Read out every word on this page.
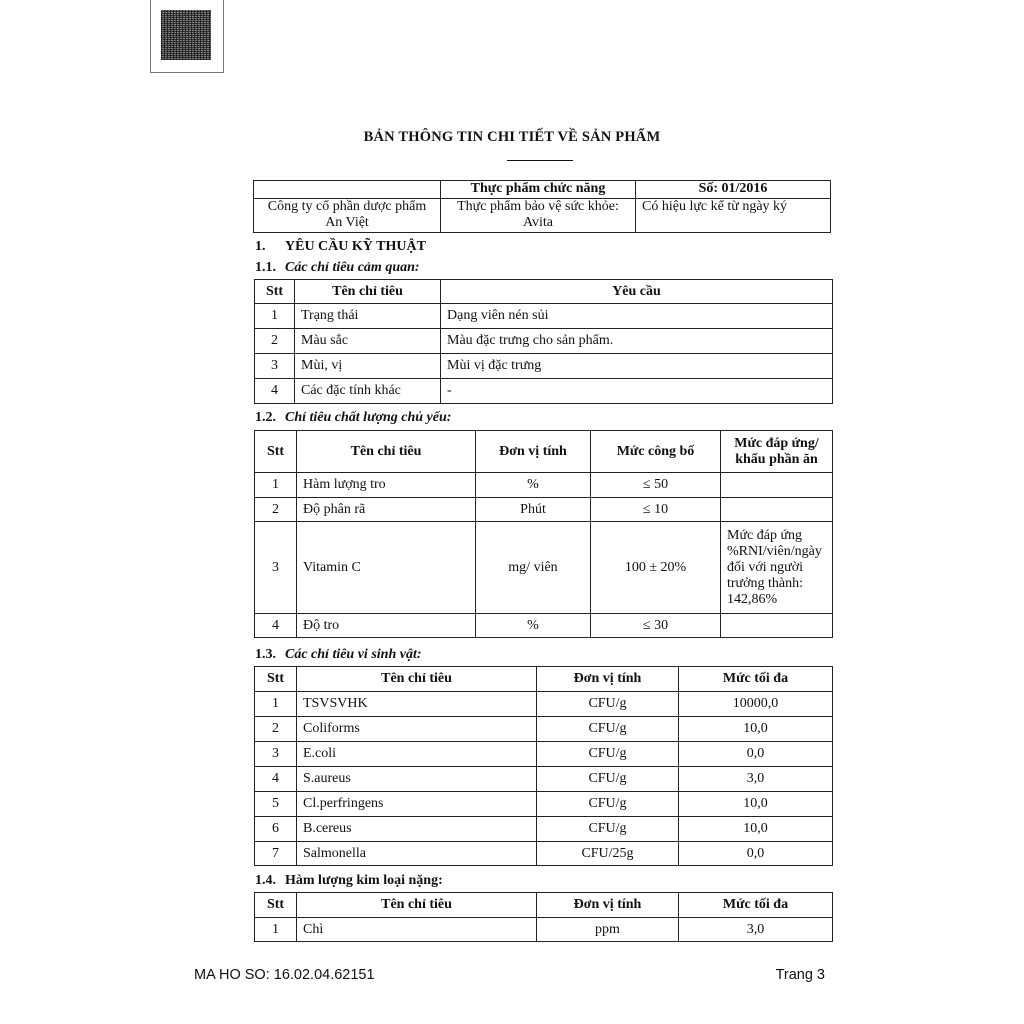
BẢN THÔNG TIN CHI TIẾT VỀ SẢN PHẨM
	Thực phẩm chức năng	Số: 01/2016
Công ty cổ phần dược phẩm An Việt	Thực phẩm bảo vệ sức khỏe: Avita	Có hiệu lực kể từ ngày ký
1. YÊU CẦU KỸ THUẬT
1.1. Các chỉ tiêu cảm quan:
Stt	Tên chỉ tiêu	Yêu cầu
1	Trạng thái	Dạng viên nén sủi
2	Màu sắc	Màu đặc trưng cho sản phẩm.
3	Mùi, vị	Mùi vị đặc trưng
4	Các đặc tính khác	-
1.2. Chỉ tiêu chất lượng chủ yếu:
Stt	Tên chỉ tiêu	Đơn vị tính	Mức công bố	Mức đáp ứng/ khẩu phần ăn
1	Hàm lượng tro	%	≤ 50	
2	Độ phân rã	Phút	≤ 10	
3	Vitamin C	mg/ viên	100 ± 20%	Mức đáp ứng %RNI/viên/ngày đối với người trưởng thành: 142,86%
4	Độ tro	%	≤ 30	
1.3. Các chỉ tiêu vi sinh vật:
Stt	Tên chỉ tiêu	Đơn vị tính	Mức tối đa
1	TSVSVHK	CFU/g	10000,0
2	Coliforms	CFU/g	10,0
3	E.coli	CFU/g	0,0
4	S.aureus	CFU/g	3,0
5	Cl.perfringens	CFU/g	10,0
6	B.cereus	CFU/g	10,0
7	Salmonella	CFU/25g	0,0
1.4. Hàm lượng kim loại nặng:
Stt	Tên chỉ tiêu	Đơn vị tính	Mức tối đa
1	Chì	ppm	3,0
MA HO SO: 16.02.04.62151	Trang 3
